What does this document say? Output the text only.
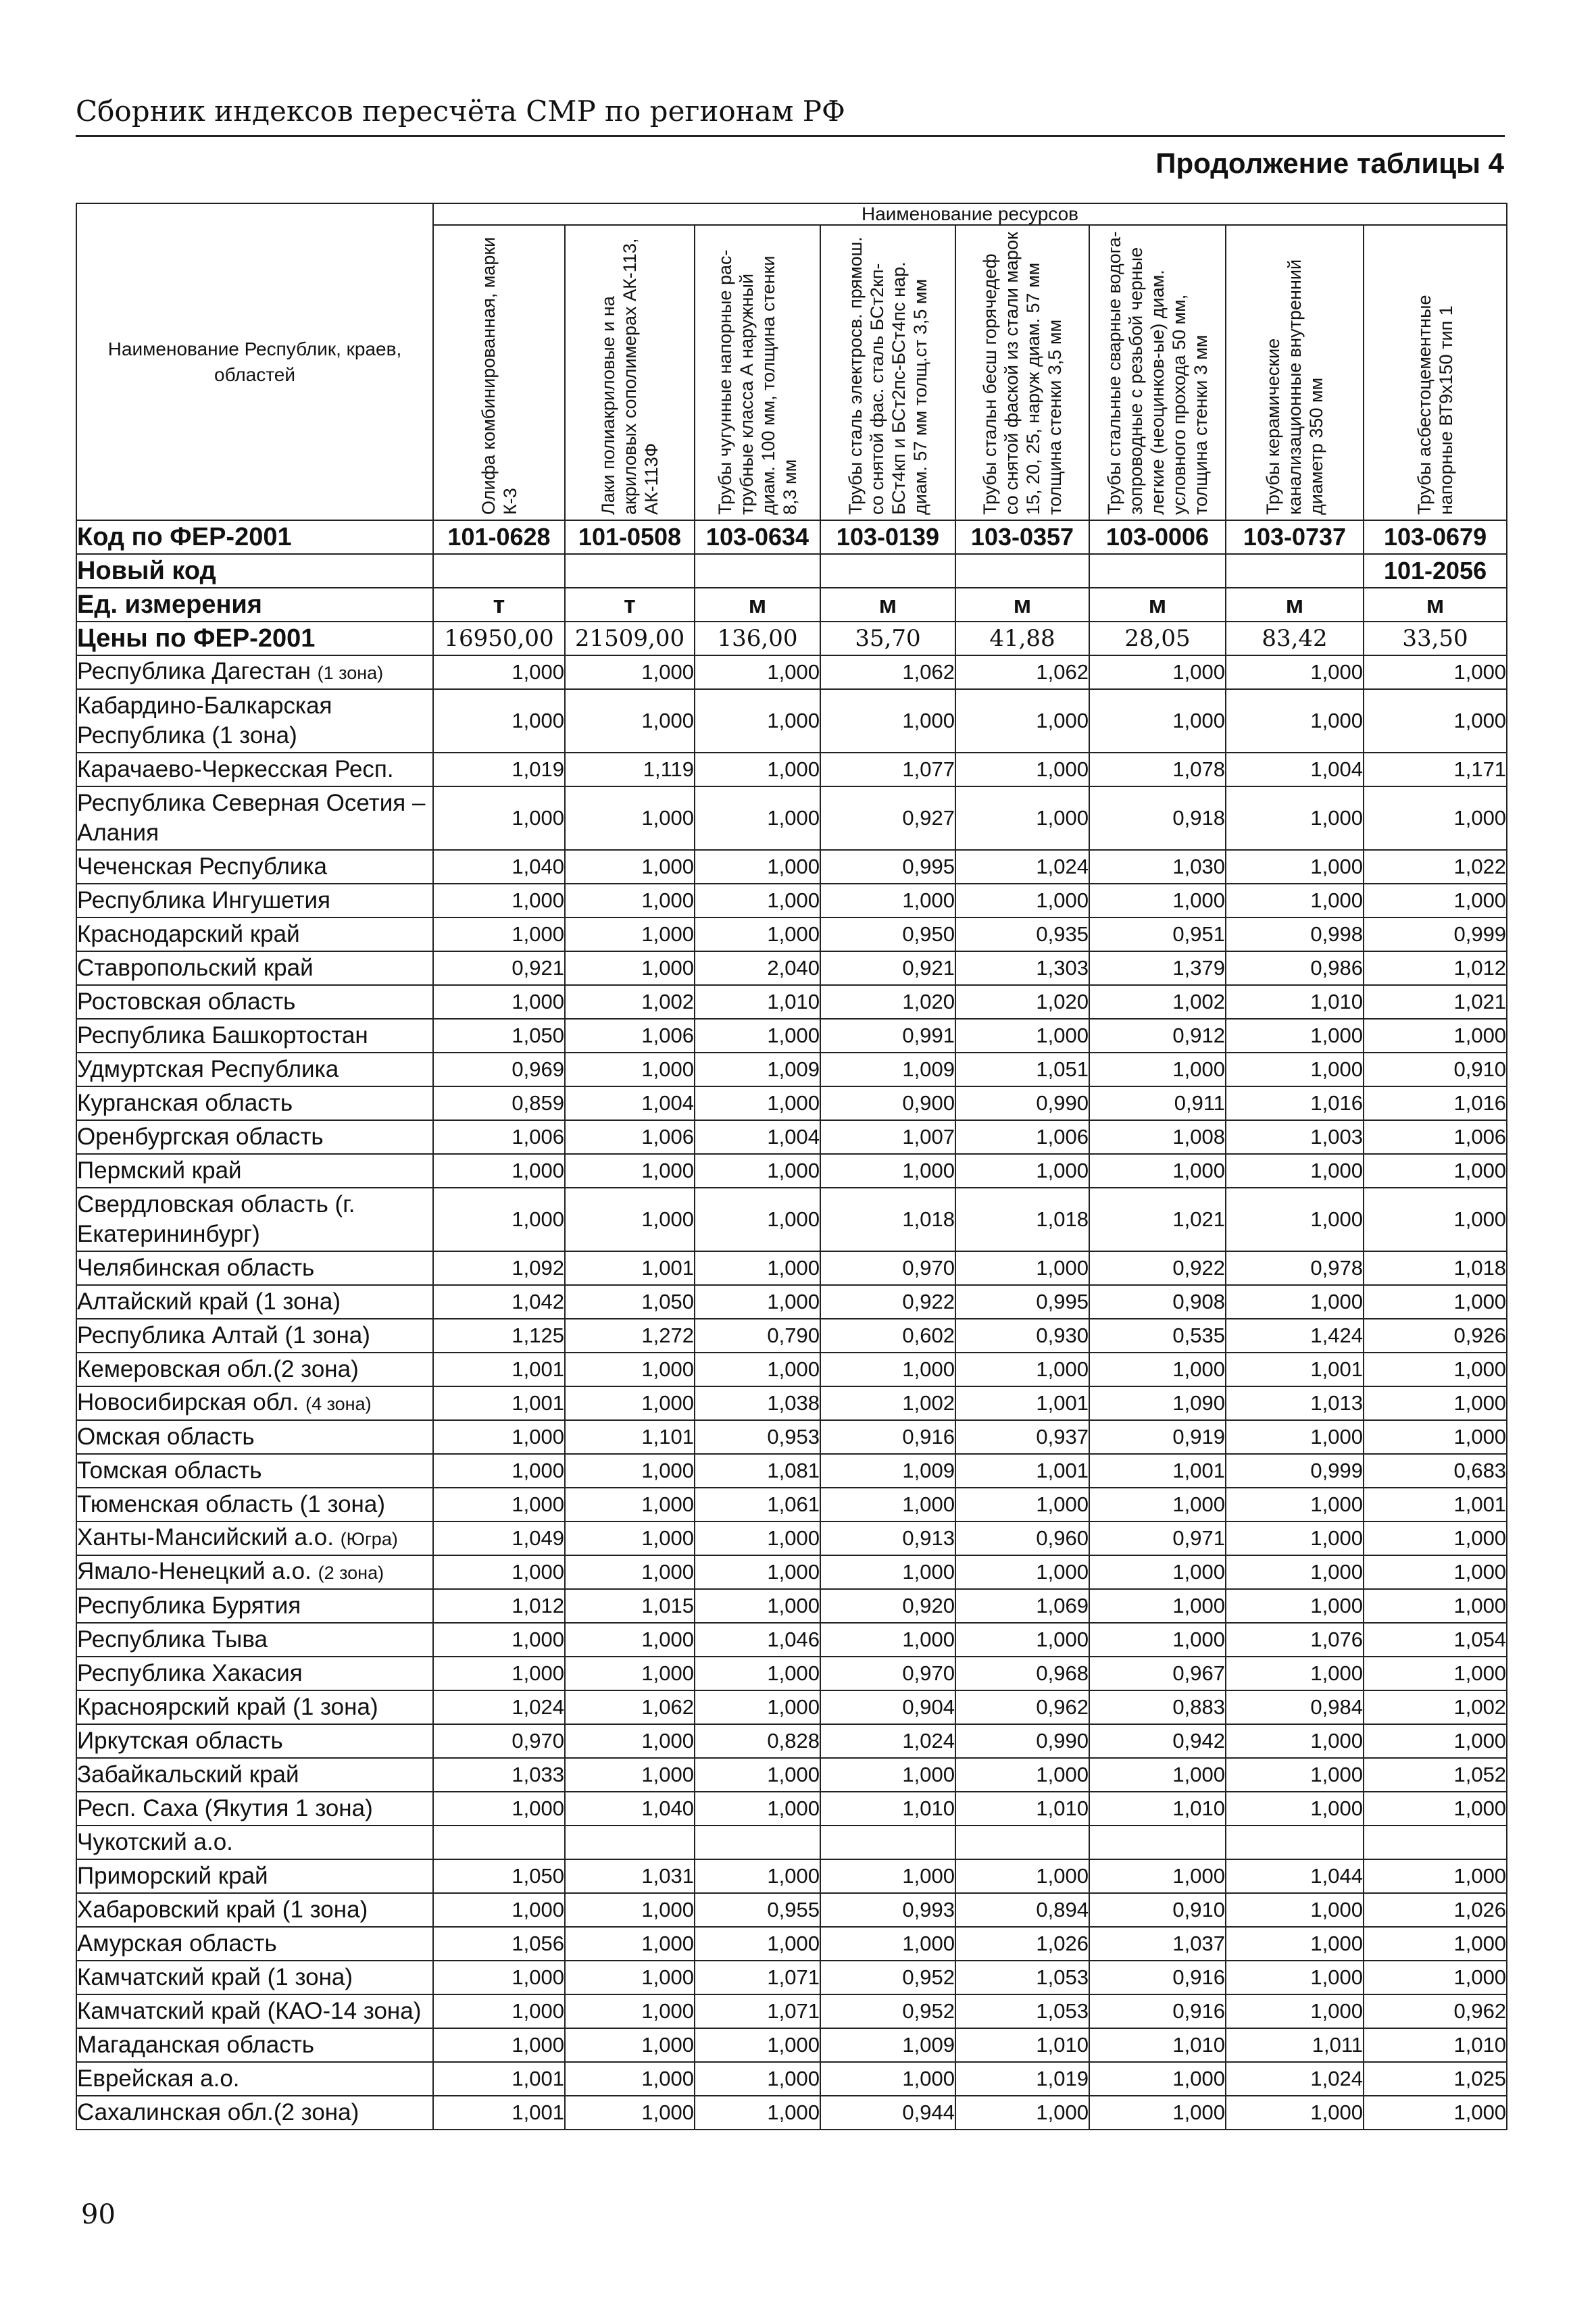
Сборник индексов пересчёта СМР по регионам РФ
Продолжение таблицы 4
Наименование Республик, краев, областей	Наименование ресурсов							

	Олифа комбинированная, марки К-3	Лаки полиакриловые и на акриловых сополимерах АК-113, АК-113Ф	Трубы чугунные напорные рас-трубные класса А наружный диам. 100 мм, толщина стенки 8,3 мм	Трубы сталь электросв. прямош. со снятой фас. сталь БСт2кп-БСт4кп и БСт2пс-БСт4пс нар. диам. 57 мм толщ.ст 3,5 мм	Трубы стальн бесш горячедеф со снятой фаской из стали марок 15, 20, 25, наруж диам. 57 мм толщина стенки 3,5 мм	Трубы стальные сварные водога-зопроводные с резьбой черные легкие (неоцинков-ые) диам. условного прохода 50 мм, толщина стенки 3 мм	Трубы керамические канализационные внутренний диаметр 350 мм	Трубы асбестоцементные напорные ВТ9х150 тип 1

Код по ФЕР-2001	101-0628	101-0508	103-0634	103-0139	103-0357	103-0006	103-0737	103-0679
Новый код								101-2056
Ед. измерения	т	т	м	м	м	м	м	м
Цены по ФЕР-2001	16950,00	21509,00	136,00	35,70	41,88	28,05	83,42	33,50
Республика Дагестан (1 зона)	1,000	1,000	1,000	1,062	1,062	1,000	1,000	1,000
Кабардино-Балкарская Республика (1 зона)	1,000	1,000	1,000	1,000	1,000	1,000	1,000	1,000
Карачаево-Черкесская Респ.	1,019	1,119	1,000	1,077	1,000	1,078	1,004	1,171
Республика Северная Осетия – Алания	1,000	1,000	1,000	0,927	1,000	0,918	1,000	1,000
Чеченская Республика	1,040	1,000	1,000	0,995	1,024	1,030	1,000	1,022
Республика Ингушетия	1,000	1,000	1,000	1,000	1,000	1,000	1,000	1,000
Краснодарский край	1,000	1,000	1,000	0,950	0,935	0,951	0,998	0,999
Ставропольский край	0,921	1,000	2,040	0,921	1,303	1,379	0,986	1,012
Ростовская область	1,000	1,002	1,010	1,020	1,020	1,002	1,010	1,021
Республика Башкортостан	1,050	1,006	1,000	0,991	1,000	0,912	1,000	1,000
Удмуртская Республика	0,969	1,000	1,009	1,009	1,051	1,000	1,000	0,910
Курганская область	0,859	1,004	1,000	0,900	0,990	0,911	1,016	1,016
Оренбургская область	1,006	1,006	1,004	1,007	1,006	1,008	1,003	1,006
Пермский край	1,000	1,000	1,000	1,000	1,000	1,000	1,000	1,000
Свердловская область (г. Екатерининбург)	1,000	1,000	1,000	1,018	1,018	1,021	1,000	1,000
Челябинская область	1,092	1,001	1,000	0,970	1,000	0,922	0,978	1,018
Алтайский край (1 зона)	1,042	1,050	1,000	0,922	0,995	0,908	1,000	1,000
Республика Алтай (1 зона)	1,125	1,272	0,790	0,602	0,930	0,535	1,424	0,926
Кемеровская обл.(2 зона)	1,001	1,000	1,000	1,000	1,000	1,000	1,001	1,000
Новосибирская обл. (4 зона)	1,001	1,000	1,038	1,002	1,001	1,090	1,013	1,000
Омская область	1,000	1,101	0,953	0,916	0,937	0,919	1,000	1,000
Томская область	1,000	1,000	1,081	1,009	1,001	1,001	0,999	0,683
Тюменская область (1 зона)	1,000	1,000	1,061	1,000	1,000	1,000	1,000	1,001
Ханты-Мансийский а.о. (Югра)	1,049	1,000	1,000	0,913	0,960	0,971	1,000	1,000
Ямало-Ненецкий а.о. (2 зона)	1,000	1,000	1,000	1,000	1,000	1,000	1,000	1,000
Республика Бурятия	1,012	1,015	1,000	0,920	1,069	1,000	1,000	1,000
Республика Тыва	1,000	1,000	1,046	1,000	1,000	1,000	1,076	1,054
Республика Хакасия	1,000	1,000	1,000	0,970	0,968	0,967	1,000	1,000
Красноярский край (1 зона)	1,024	1,062	1,000	0,904	0,962	0,883	0,984	1,002
Иркутская область	0,970	1,000	0,828	1,024	0,990	0,942	1,000	1,000
Забайкальский край	1,033	1,000	1,000	1,000	1,000	1,000	1,000	1,052
Респ. Саха (Якутия 1 зона)	1,000	1,040	1,000	1,010	1,010	1,010	1,000	1,000
Чукотский а.о.								
Приморский край	1,050	1,031	1,000	1,000	1,000	1,000	1,044	1,000
Хабаровский край (1 зона)	1,000	1,000	0,955	0,993	0,894	0,910	1,000	1,026
Амурская область	1,056	1,000	1,000	1,000	1,026	1,037	1,000	1,000
Камчатский край (1 зона)	1,000	1,000	1,071	0,952	1,053	0,916	1,000	1,000
Камчатский край (КАО-14 зона)	1,000	1,000	1,071	0,952	1,053	0,916	1,000	0,962
Магаданская область	1,000	1,000	1,000	1,009	1,010	1,010	1,011	1,010
Еврейская а.о.	1,001	1,000	1,000	1,000	1,019	1,000	1,024	1,025
Сахалинская обл.(2 зона)	1,001	1,000	1,000	0,944	1,000	1,000	1,000	1,000
90
